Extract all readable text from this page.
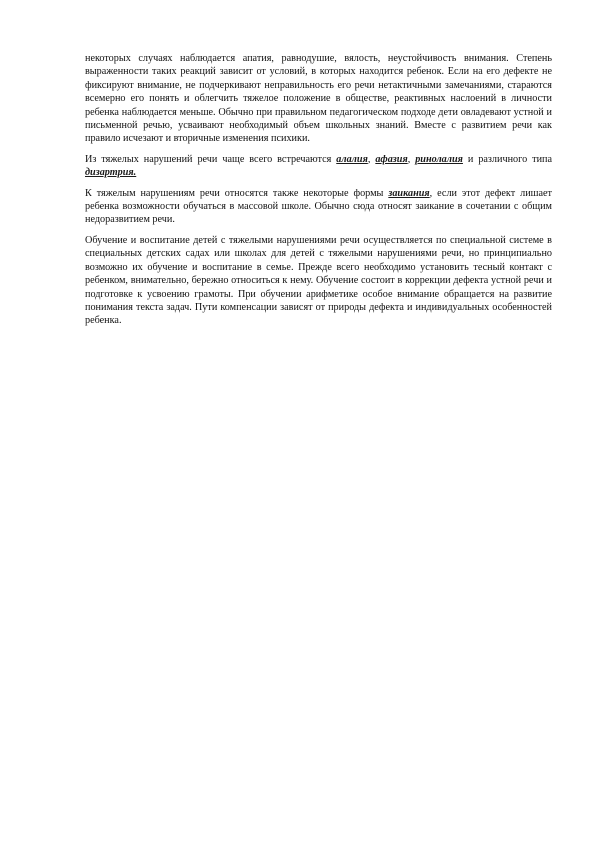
некоторых случаях наблюдается апатия, равнодушие, вялость, неустойчивость внимания. Степень выраженности таких реакций зависит от условий, в которых находится ребенок. Если на его дефекте не фиксируют внимание, не подчеркивают неправильность его речи нетактичными замечаниями, стараются всемерно его понять и облегчить тяжелое положение в обществе, реактивных наслоений в личности ребенка наблюдается меньше. Обычно при правильном педагогическом подходе дети овладевают устной и письменной речью, усваивают необходимый объем школьных знаний. Вместе с развитием речи как правило исчезают и вторичные изменения психики.

Из тяжелых нарушений речи чаще всего встречаются алалия, афазия, ринолалия и различного типа дизартрия.

К тяжелым нарушениям речи относятся также некоторые формы заикания, если этот дефект лишает ребенка возможности обучаться в массовой школе. Обычно сюда относят заикание в сочетании с общим недоразвитием речи.

Обучение и воспитание детей с тяжелыми нарушениями речи осуществляется по специальной системе в специальных детских садах или школах для детей с тяжелыми нарушениями речи, но принципиально возможно их обучение и воспитание в семье. Прежде всего необходимо установить тесный контакт с ребенком, внимательно, бережно относиться к нему. Обучение состоит в коррекции дефекта устной речи и подготовке к усвоению грамоты. При обучении арифметике особое внимание обращается на развитие понимания текста задач. Пути компенсации зависят от природы дефекта и индивидуальных особенностей ребенка.
